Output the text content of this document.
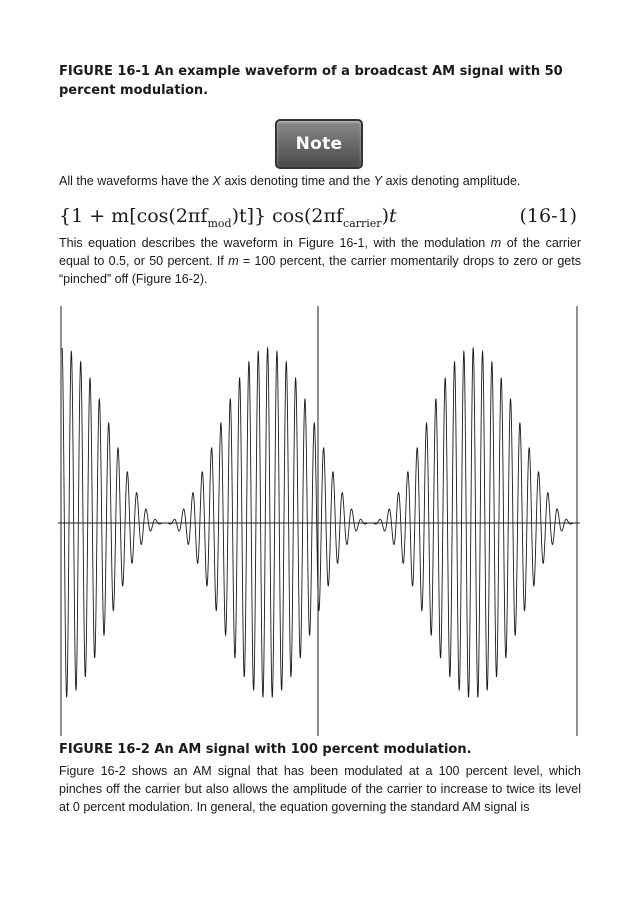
FIGURE 16-1 An example waveform of a broadcast AM signal with 50 percent modulation.
Note
All the waveforms have the X axis denoting time and the Y axis denoting amplitude.
$\{1 + m[\cos(2\pi f_{mod})t]\}$ $\cos(2\pi f_{carrier})t$	(16-1)
This equation describes the waveform in Figure 16-1, with the modulation m of the carrier equal to 0.5, or 50 percent. If m = 100 percent, the carrier momentarily drops to zero or gets “pinched” off (Figure 16-2).
FIGURE 16-2 An AM signal with 100 percent modulation.
Figure 16-2 shows an AM signal that has been modulated at a 100 percent level, which pinches off the carrier but also allows the amplitude of the carrier to increase to twice its level at 0 percent modulation. In general, the equation governing the standard AM signal is
